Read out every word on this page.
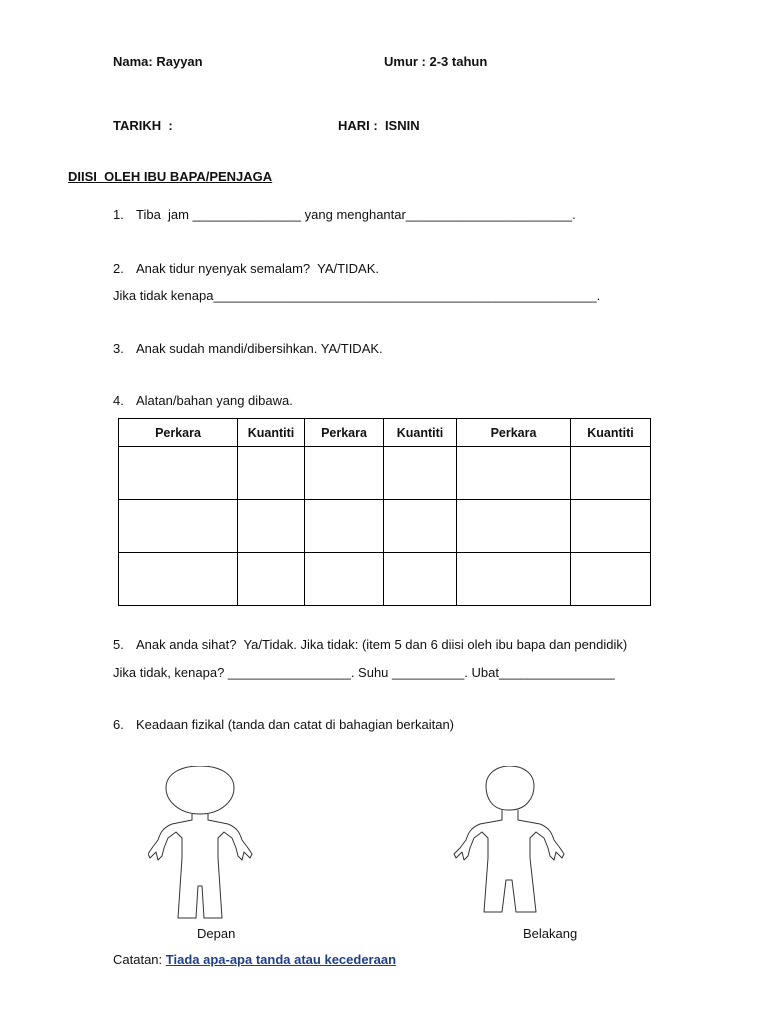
Nama: Rayyan	Umur : 2-3 tahun
TARIKH  :	HARI :  ISNIN
DIISI  OLEH IBU BAPA/PENJAGA
1. Tiba  jam _______________ yang menghantar_______________________.
2. Anak tidur nyenyak semalam?  YA/TIDAK.
Jika tidak kenapa_____________________________________________________.
3. Anak sudah mandi/dibersihkan. YA/TIDAK.
4. Alatan/bahan yang dibawa.
Perkara	Kuantiti	Perkara	Kuantiti	Perkara	Kuantiti

5. Anak anda sihat?  Ya/Tidak. Jika tidak: (item 5 dan 6 diisi oleh ibu bapa dan pendidik)
Jika tidak, kenapa? _________________. Suhu __________. Ubat________________
6. Keadaan fizikal (tanda dan catat di bahagian berkaitan)
Depan	Belakang
Catatan: Tiada apa-apa tanda atau kecederaan
